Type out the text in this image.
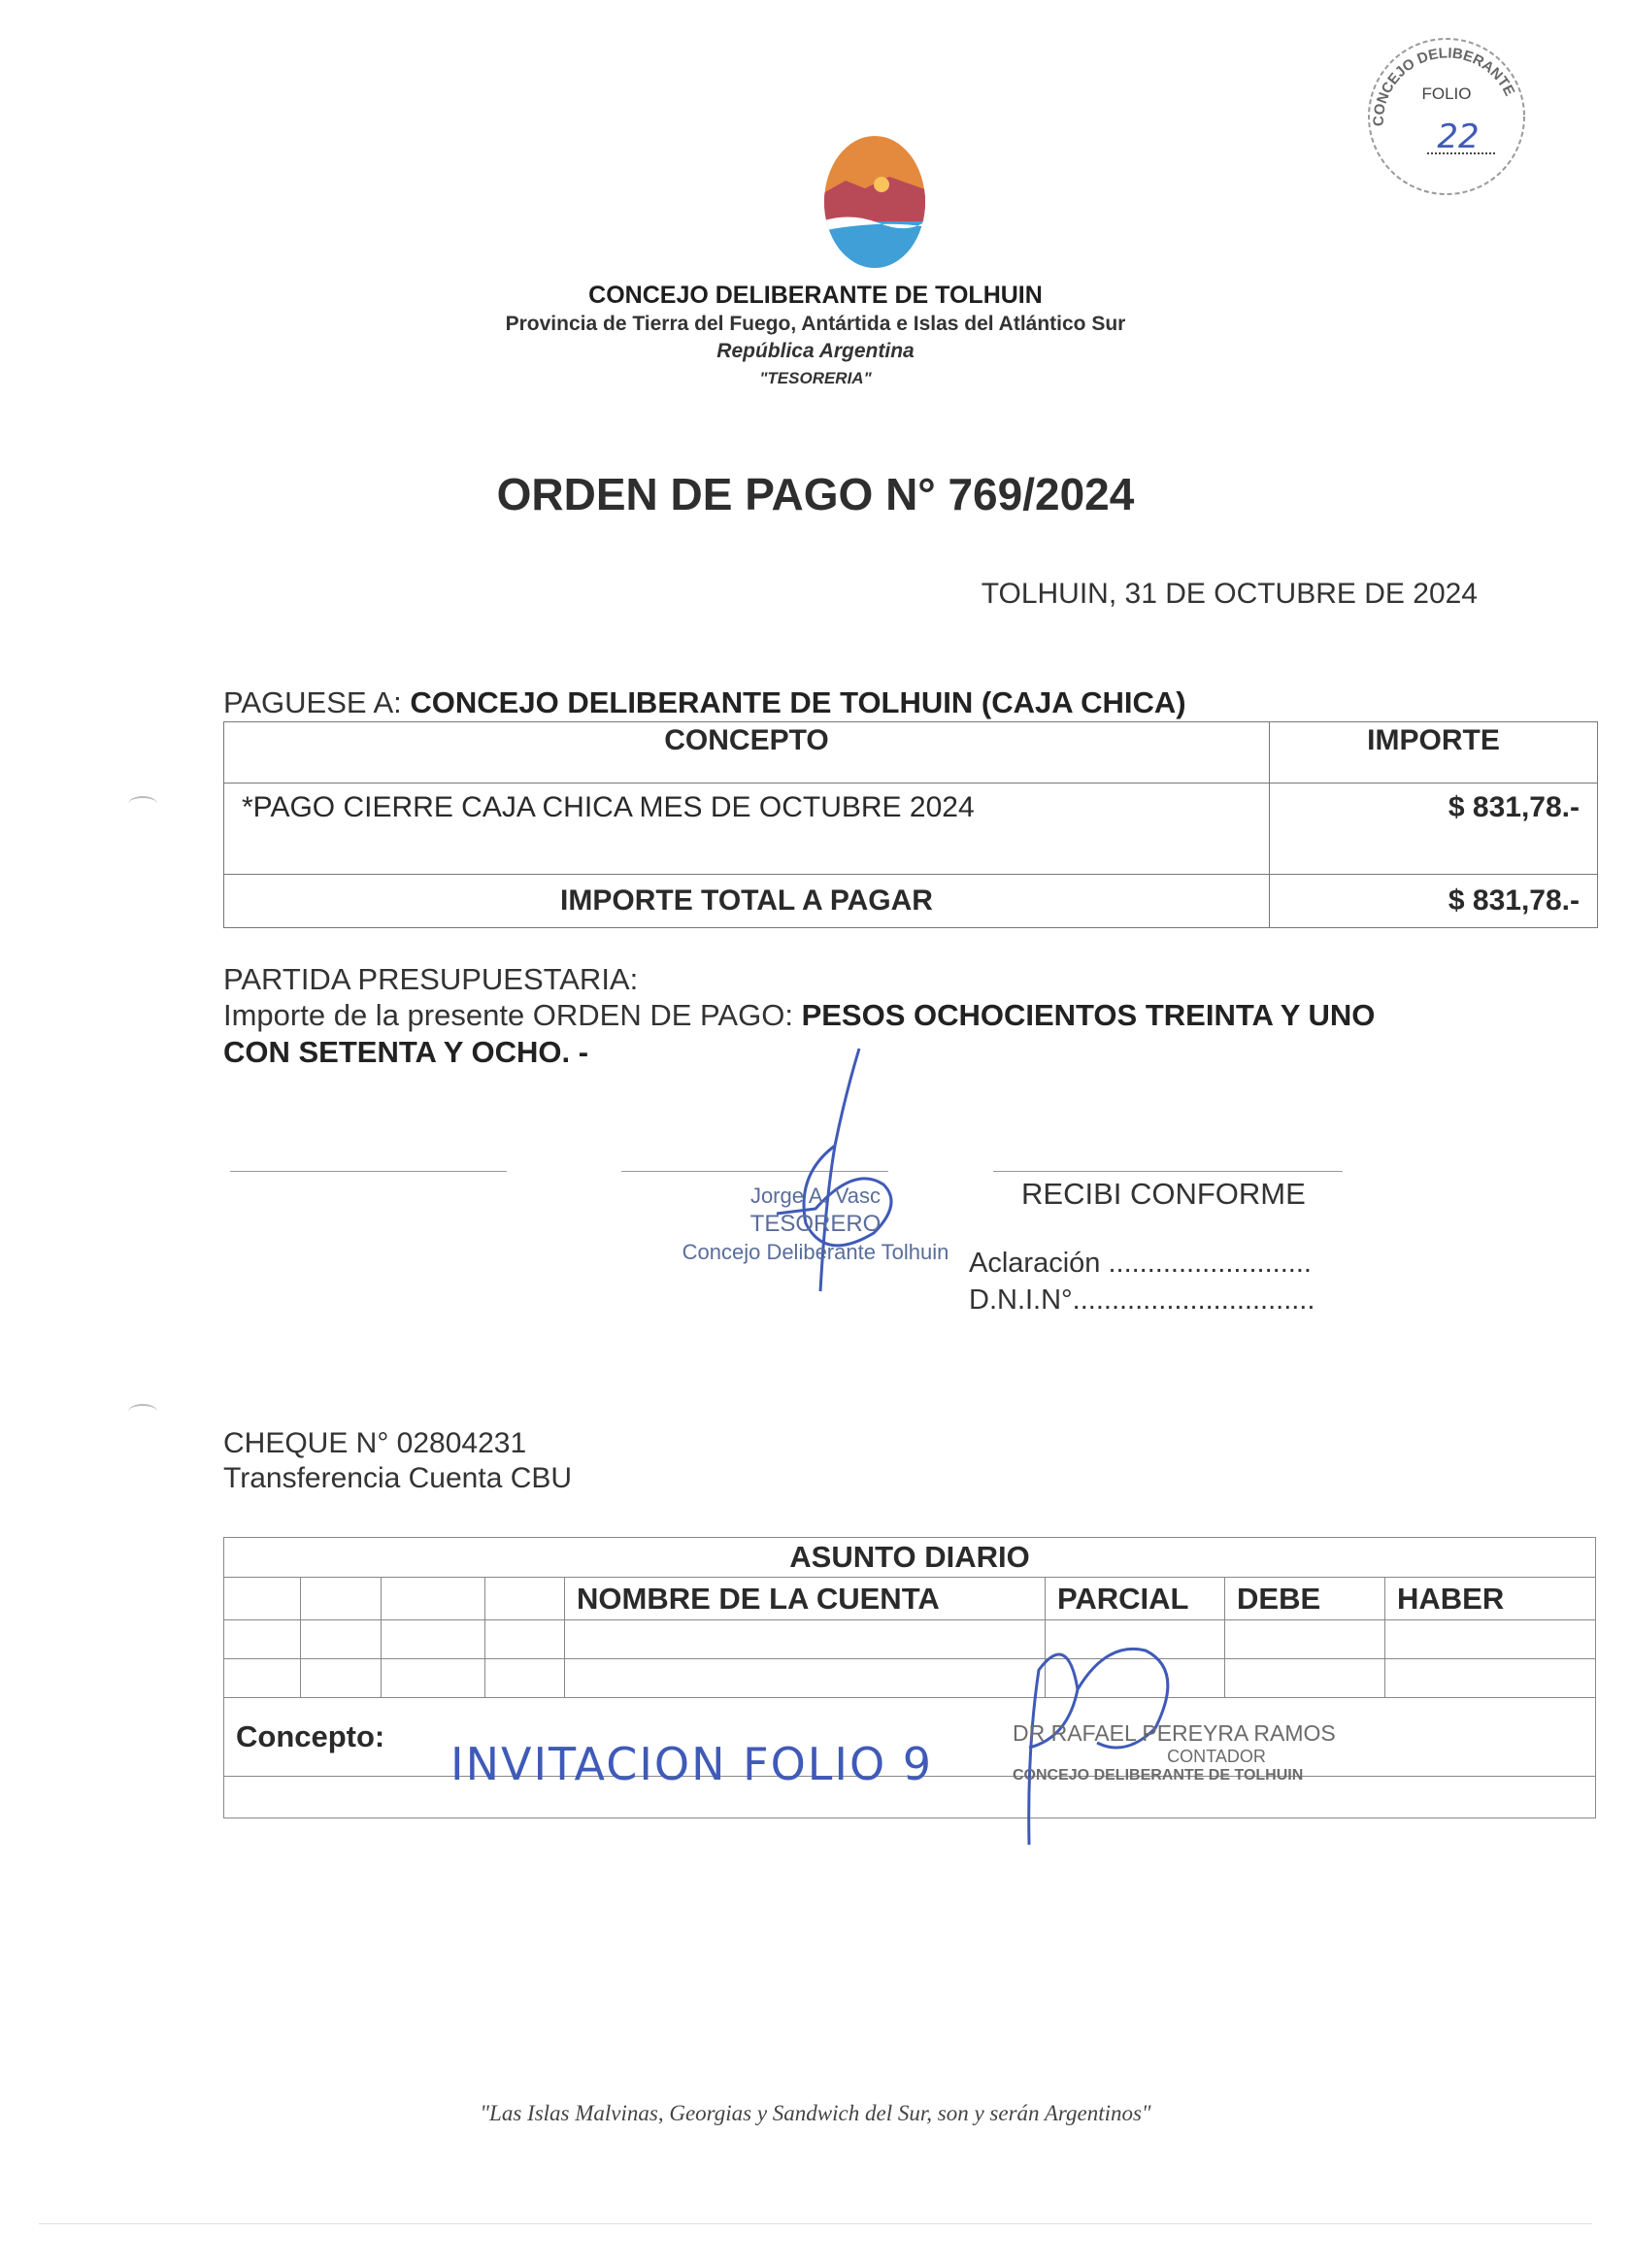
CONCEJO DELIBERANTE
FOLIO
22
CONCEJO DELIBERANTE DE TOLHUIN
Provincia de Tierra del Fuego, Antártida e Islas del Atlántico Sur
República Argentina
"TESORERIA"
ORDEN DE PAGO N° 769/2024
TOLHUIN, 31 DE OCTUBRE DE 2024
PAGUESE A: CONCEJO DELIBERANTE DE TOLHUIN (CAJA CHICA)
CONCEPTO	IMPORTE
*PAGO CIERRE CAJA CHICA MES DE OCTUBRE 2024	$ 831,78.-
IMPORTE TOTAL A PAGAR	$ 831,78.-
PARTIDA PRESUPUESTARIA:
Importe de la presente ORDEN DE PAGO: PESOS OCHOCIENTOS TREINTA Y UNO
CON SETENTA Y OCHO. -
Jorge A. Vasc
TESORERO
Concejo Deliberante Tolhuin
RECIBI CONFORME
Aclaración ..........................
D.N.I.N°...............................
CHEQUE N° 02804231
Transferencia Cuenta CBU
ASUNTO DIARIO							
				NOMBRE DE LA CUENTA	PARCIAL	DEBE	HABER

Concepto:							

INVITACION FOLIO 9
DR RAFAEL PEREYRA RAMOS
CONTADOR
CONCEJO DELIBERANTE DE TOLHUIN
"Las Islas Malvinas, Georgias y Sandwich del Sur, son y serán Argentinos"
